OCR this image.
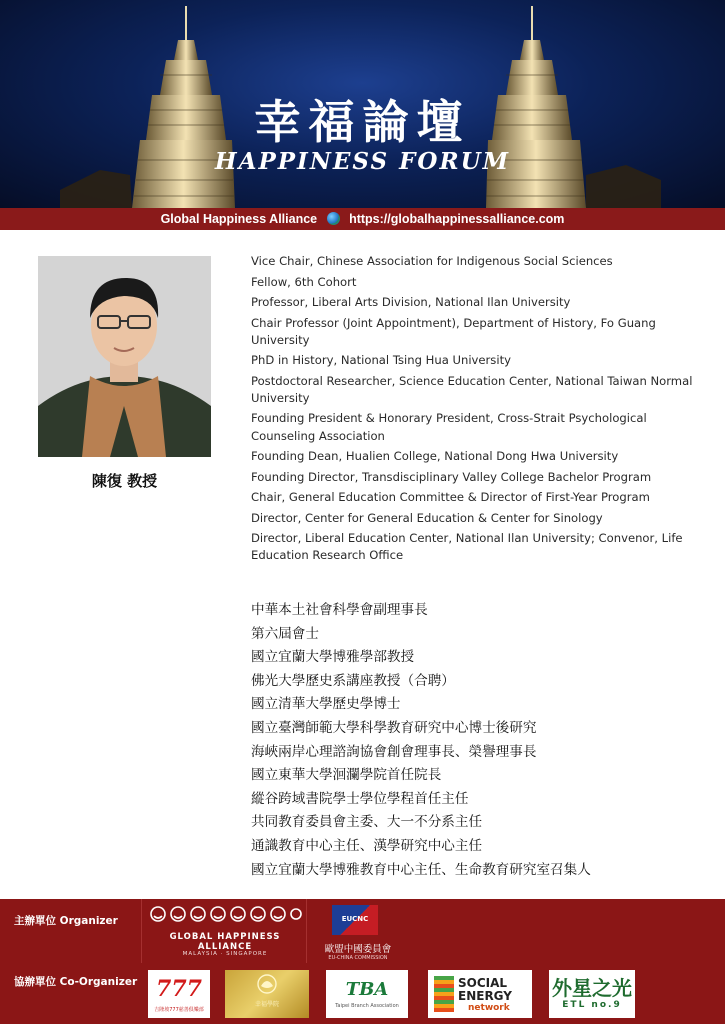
幸福論壇
HAPPINESS FORUM
Global Happiness Alliance	https://globalhappinessalliance.com
陳復 教授
Vice Chair, Chinese Association for Indigenous Social Sciences
Fellow, 6th Cohort
Professor, Liberal Arts Division, National Ilan University
Chair Professor (Joint Appointment), Department of History, Fo Guang University
PhD in History, National Tsing Hua University
Postdoctoral Researcher, Science Education Center, National Taiwan Normal University
Founding President & Honorary President, Cross-Strait Psychological Counseling Association
Founding Dean, Hualien College, National Dong Hwa University
Founding Director, Transdisciplinary Valley College Bachelor Program
Chair, General Education Committee & Director of First-Year Program
Director, Center for General Education & Center for Sinology
Director, Liberal Education Center, National Ilan University; Convenor, Life Education Research Office
中華本土社會科學會副理事長
第六屆會士
國立宜蘭大學博雅學部教授
佛光大學歷史系講座教授（合聘）
國立清華大學歷史學博士
國立臺灣師範大學科學教育研究中心博士後研究
海峽兩岸心理諮詢協會創會理事長、榮譽理事長
國立東華大學洄瀾學院首任院長
縱谷跨域書院學士學位學程首任主任
共同教育委員會主委、大一不分系主任
通識教育中心主任、漢學研究中心主任
國立宜蘭大學博雅教育中心主任、生命教育研究室召集人
主辦單位 Organizer
協辦單位 Co-Organizer
GLOBAL HAPPINESS ALLIANCE
MALAYSIA · SINGAPORE
EUCNC
歐盟中國委員會
EU-CHINA COMMISSION
777
吉隆坡777慈善俱樂部
幸福學院
TBA
Taipei Branch Association
SOCIAL
ENERGY
network
外星之光
ETL no.9
